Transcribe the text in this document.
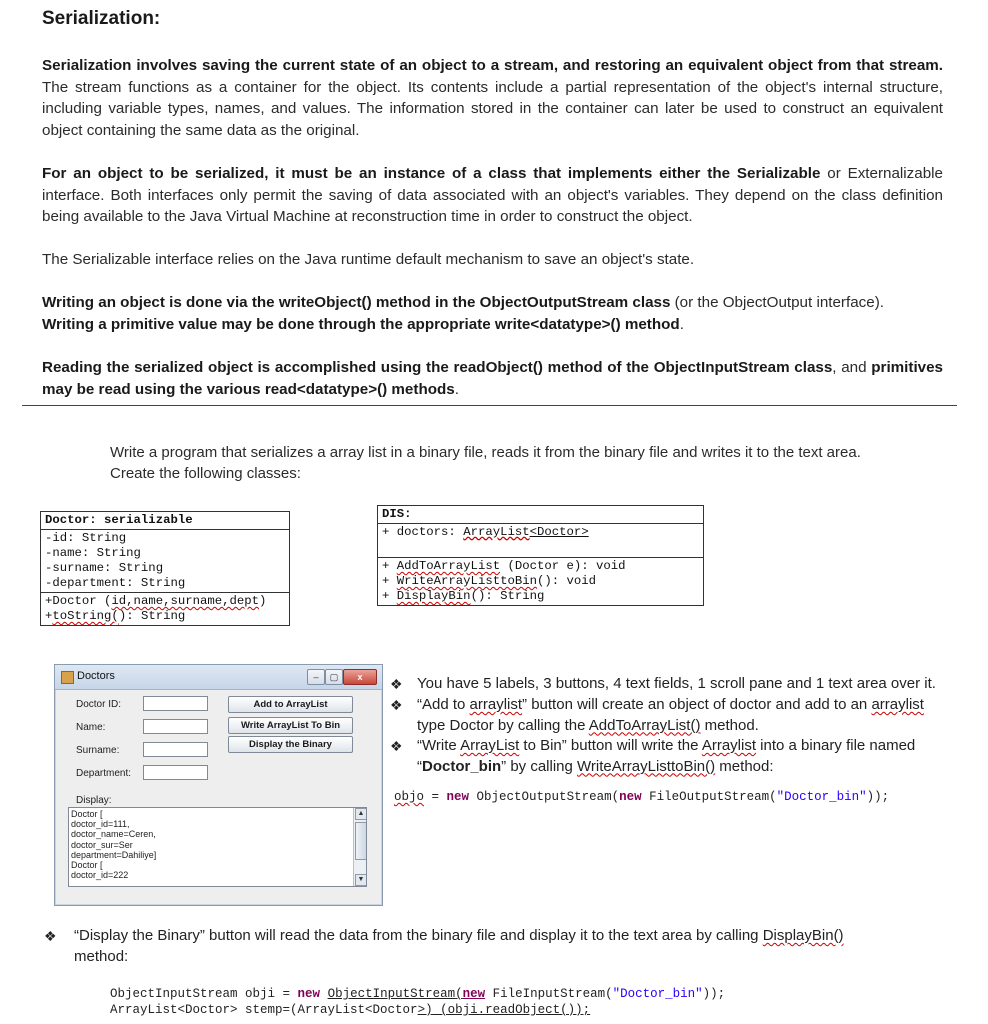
Serialization:
Serialization involves saving the current state of an object to a stream, and restoring an equivalent object from that stream. The stream functions as a container for the object. Its contents include a partial representation of the object's internal structure, including variable types, names, and values. The information stored in the container can later be used to construct an equivalent object containing the same data as the original.
For an object to be serialized, it must be an instance of a class that implements either the Serializable or Externalizable interface. Both interfaces only permit the saving of data associated with an object's variables. They depend on the class definition being available to the Java Virtual Machine at reconstruction time in order to construct the object.
The Serializable interface relies on the Java runtime default mechanism to save an object's state.
Writing an object is done via the writeObject() method in the ObjectOutputStream class (or the ObjectOutput interface).
Writing a primitive value may be done through the appropriate write<datatype>() method.
Reading the serialized object is accomplished using the readObject() method of the ObjectInputStream class, and primitives may be read using the various read<datatype>() methods.
Write a program that serializes a array list in a binary file, reads it from the binary file and writes it to the text area.
Create the following classes:
Doctor: serializable
-id: String
-name: String
-surname: String
-department: String
+Doctor (id,name,surname,dept)
+toString(): String
DIS:
+ doctors: ArrayList<Doctor>
+ AddToArrayList (Doctor e): void
+ WriteArrayListtoBin(): void
+ DisplayBin(): String
Doctors	–	▢	x
Doctor ID:
Name:
Surname:
Department:
Add to ArrayList
Write ArrayList To Bin
Display the Binary
Display:
Doctor [
doctor_id=111,
doctor_name=Ceren,
doctor_sur=Ser
department=Dahiliye]
Doctor [
doctor_id=222
▲
▼
❖ You have 5 labels, 3 buttons, 4 text fields, 1 scroll pane and 1 text area over it.
❖ “Add to arraylist” button will create an object of doctor and add to an arraylist
type Doctor by calling the AddToArrayList() method.
❖ “Write ArrayList to Bin” button will write the Arraylist into a binary file named
“Doctor_bin” by calling WriteArrayListtoBin() method:
objo = new ObjectOutputStream(new FileOutputStream("Doctor_bin"));
❖ “Display the Binary” button will read the data from the binary file and display it to the text area by calling DisplayBin()
method:
ObjectInputStream obji = new ObjectInputStream(new FileInputStream("Doctor_bin"));
ArrayList<Doctor> stemp=(ArrayList<Doctor>) (obji.readObject());
